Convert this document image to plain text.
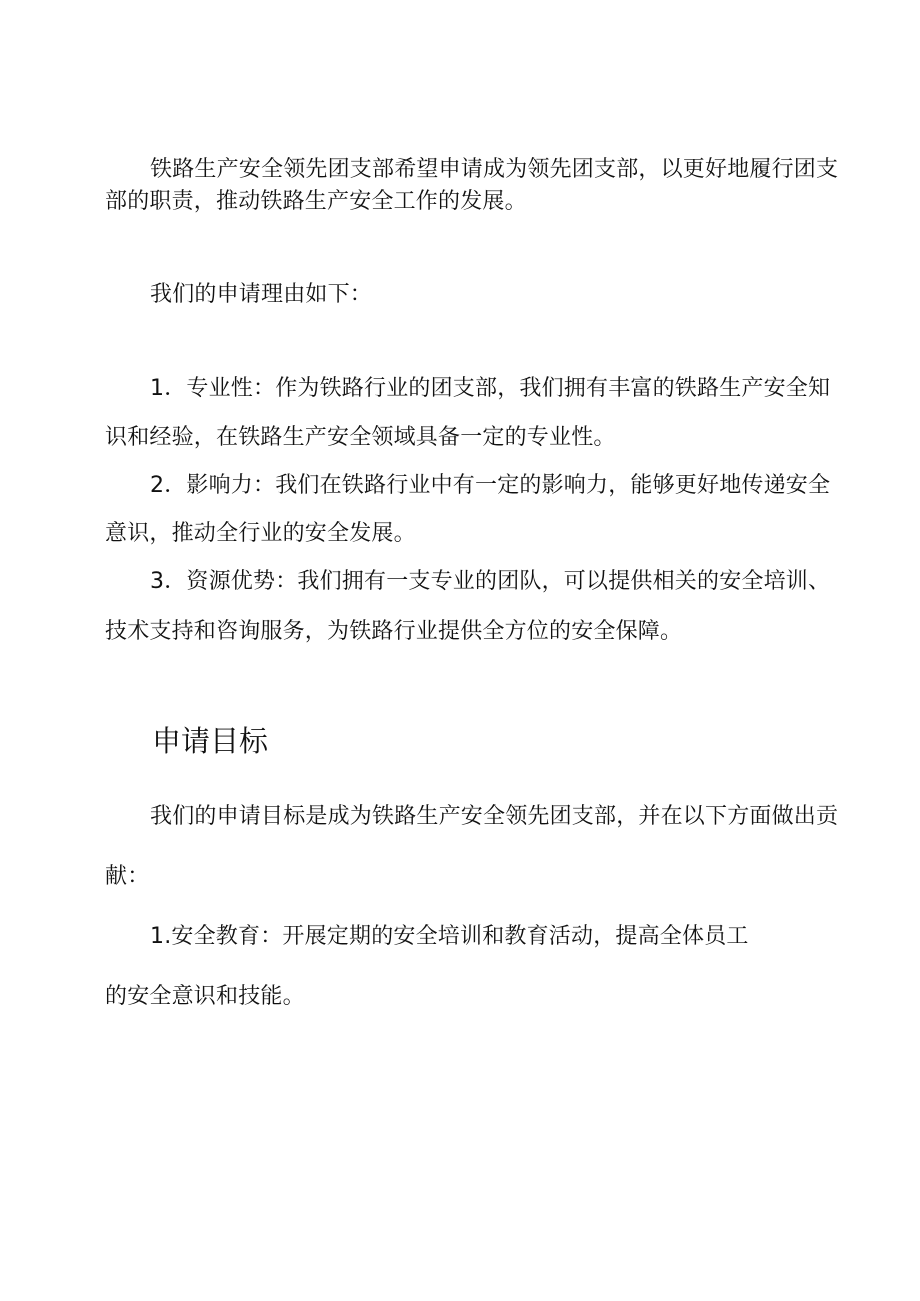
铁路生产安全领先团支部希望申请成为领先团支部，以更好地履行团支
部的职责，推动铁路生产安全工作的发展。
我们的申请理由如下：
1．专业性：作为铁路行业的团支部，我们拥有丰富的铁路生产安全知
识和经验，在铁路生产安全领域具备一定的专业性。
2．影响力：我们在铁路行业中有一定的影响力，能够更好地传递安全
意识，推动全行业的安全发展。
3．资源优势：我们拥有一支专业的团队，可以提供相关的安全培训、
技术支持和咨询服务，为铁路行业提供全方位的安全保障。
申请目标
我们的申请目标是成为铁路生产安全领先团支部，并在以下方面做出贡
献：
1.安全教育：开展定期的安全培训和教育活动，提高全体员工
的安全意识和技能。
